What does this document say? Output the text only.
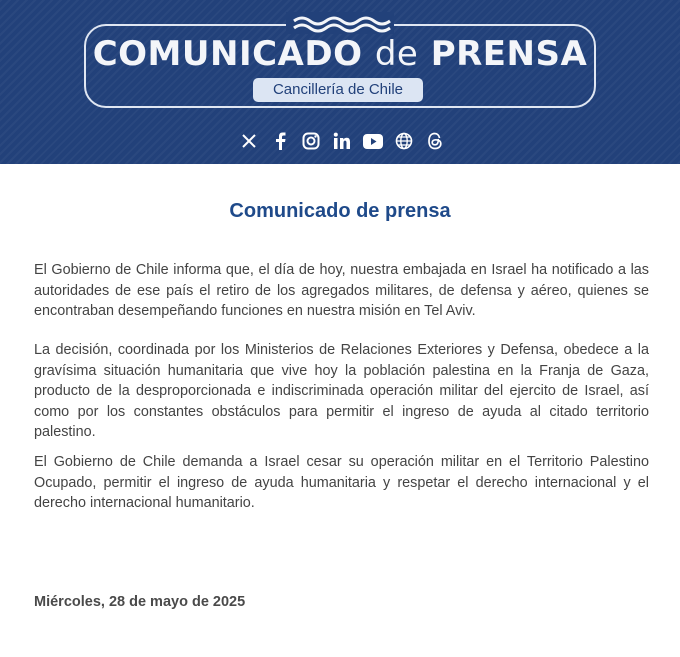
COMUNICADO de PRENSA
Cancillería de Chile
Comunicado de prensa

El Gobierno de Chile informa que, el día de hoy, nuestra embajada en Israel ha notificado a las autoridades de ese país el retiro de los agregados militares, de defensa y aéreo, quienes se encontraban desempeñando funciones en nuestra misión en Tel Aviv.

La decisión, coordinada por los Ministerios de Relaciones Exteriores y Defensa, obedece a la gravísima situación humanitaria que vive hoy la población palestina en la Franja de Gaza, producto de la desproporcionada e indiscriminada operación militar del ejercito de Israel, así como por los constantes obstáculos para permitir el ingreso de ayuda al citado territorio palestino.

El Gobierno de Chile demanda a Israel cesar su operación militar en el Territorio Palestino Ocupado, permitir el ingreso de ayuda humanitaria y respetar el derecho internacional y el derecho internacional humanitario.

Miércoles, 28 de mayo de 2025
